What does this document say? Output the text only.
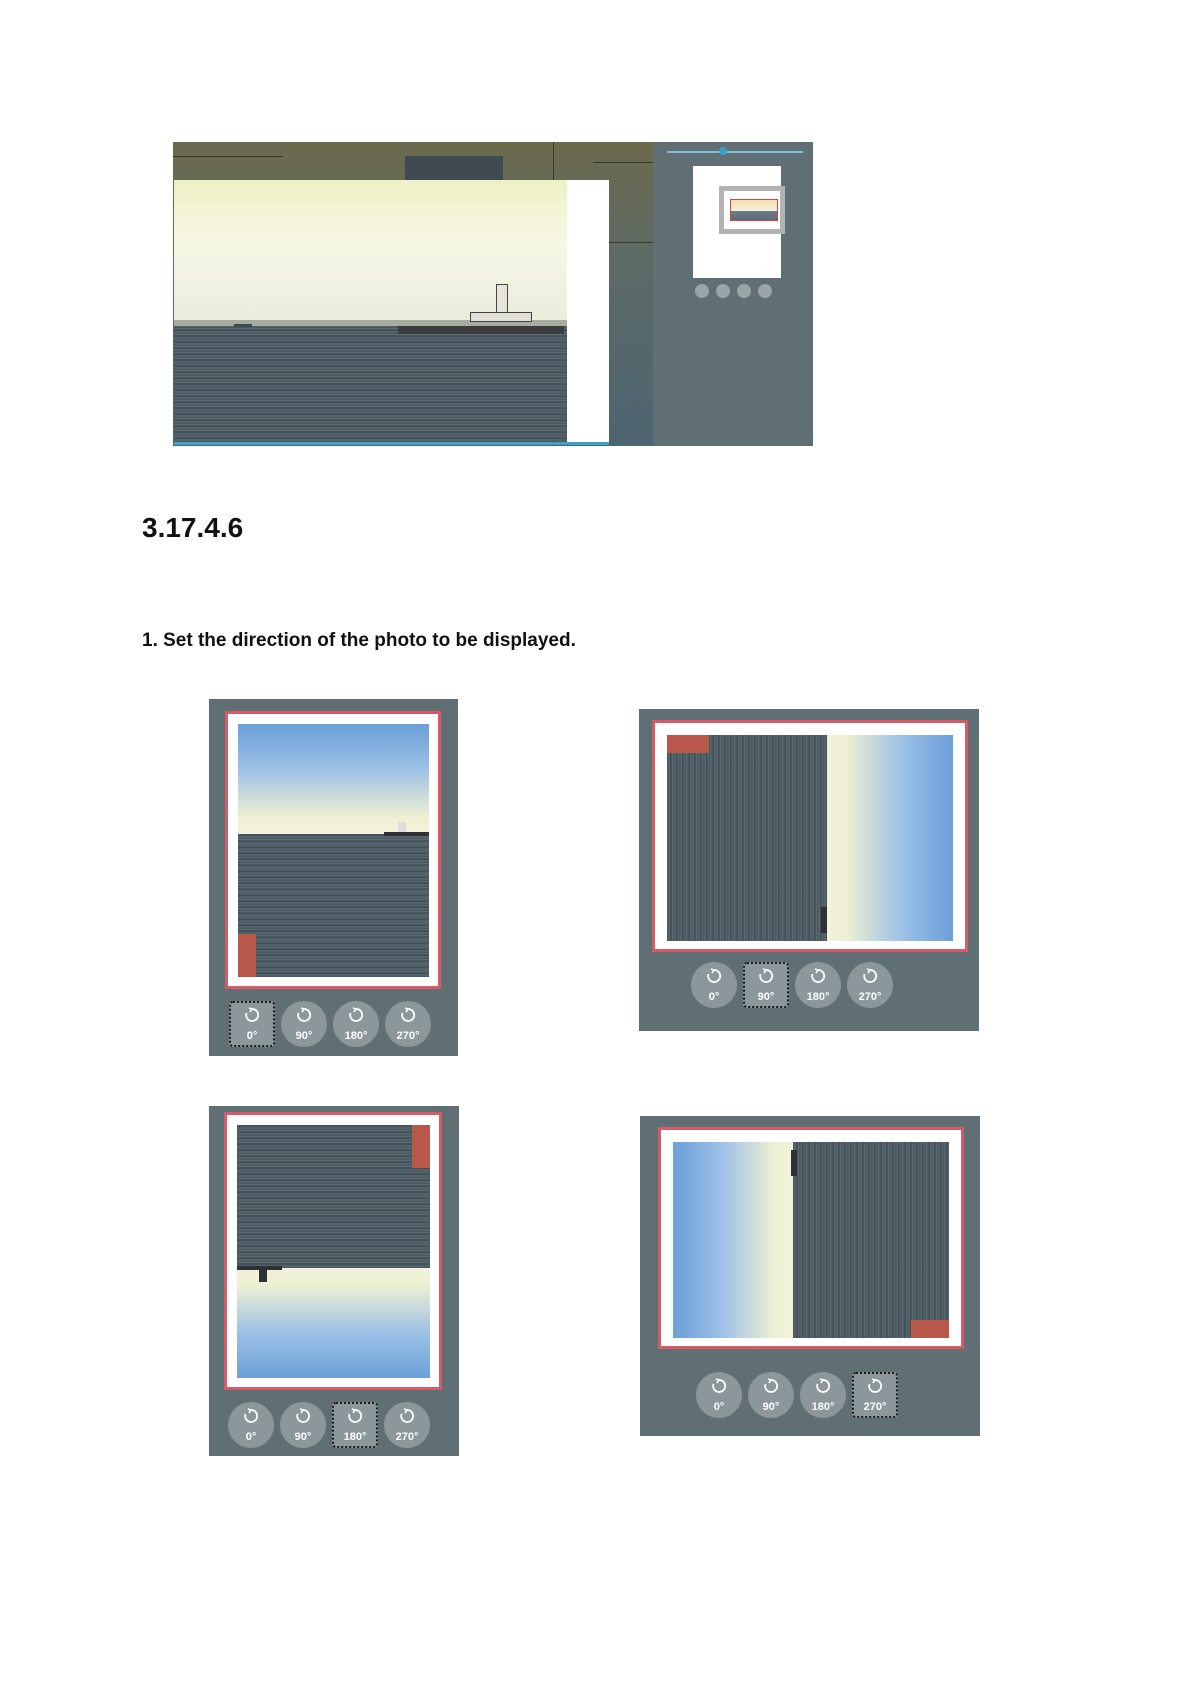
3.17.4.6
1. Set the direction of the photo to be displayed.
0°	90°	180°	270°
0°	90°	180°	270°
0°	90°	180°	270°
0°	90°	180°	270°
